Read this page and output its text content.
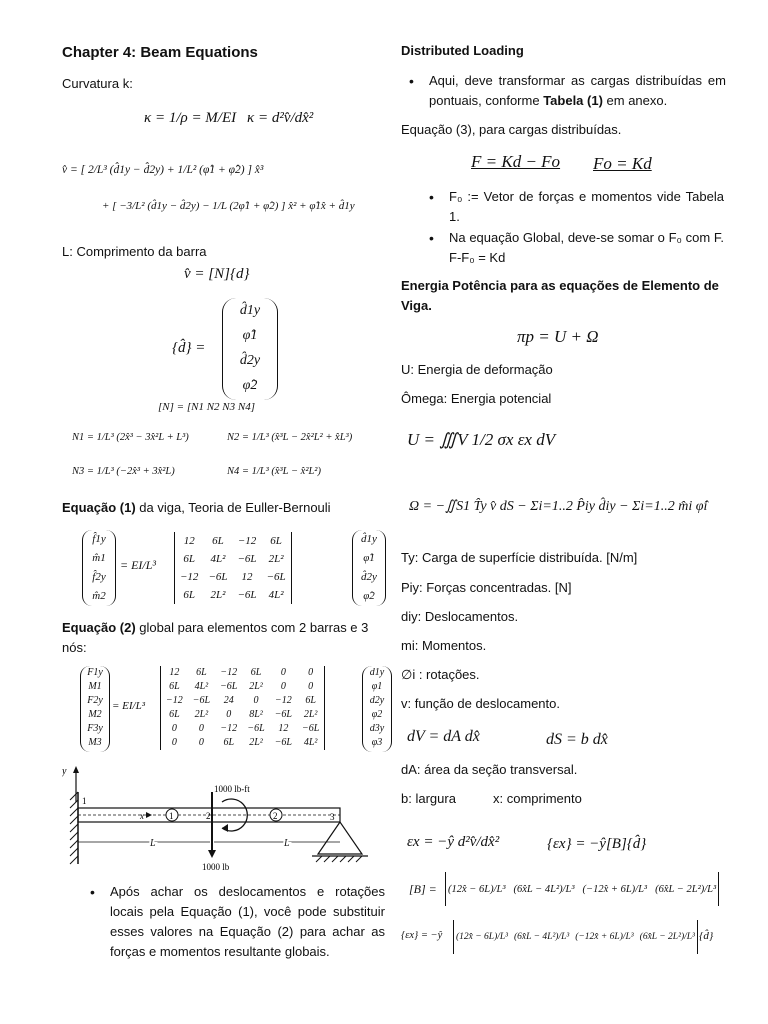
Chapter 4: Beam Equations
Curvatura k:
κ = 1/ρ = M/EI κ = d²v̂/dx̂²
v̂ = [ 2/L³ (d̂1y − d̂2y) + 1/L² (φ̂1 + φ̂2) ] x̂³
+ [ −3/L² (d̂1y − d̂2y) − 1/L (2φ̂1 + φ̂2) ] x̂² + φ̂1x̂ + d̂1y
L: Comprimento da barra
v̂ = [N]{d}
{d̂} =
d̂1y
φ̂1
d̂2y
φ̂2
[N] = [N1 N2 N3 N4]
N1 = 1/L³ (2x̂³ − 3x̂²L + L³)	N2 = 1/L³ (x̂³L − 2x̂²L² + x̂L³)
N3 = 1/L³ (−2x̂³ + 3x̂²L)	N4 = 1/L³ (x̂³L − x̂²L²)
Equação (1) da viga, Teoria de Euller-Bernouli
f̂1y
m̂1
f̂2y
m̂2
= EI/L³
12	6L	−12	6L
6L	4L²	−6L	2L²
−12	−6L	12	−6L
6L	2L²	−6L	4L²
d̂1y
φ̂1
d̂2y
φ̂2
Equação (2) global para elementos com 2 barras e 3 nós:
F1y
M1
F2y
M2
F3y
M3
= EI/L³
12	6L	−12	6L	0	0
6L	4L²	−6L	2L²	0	0
−12	−6L	24	0	−12	6L
6L	2L²	0	8L²	−6L	2L²
0	0	−12	−6L	12	−6L
0	0	6L	2L²	−6L	4L²
d1y
φ1
d2y
φ2
d3y
φ3
y
1
x	1	2
2
1000 lb-ft
1000 lb
3
L	L
• Após achar os deslocamentos e rotações locais pela Equação (1), você pode substituir esses valores na Equação (2) para achar as forças e momentos resultante globais.
Distributed Loading
• Aqui, deve transformar as cargas distribuídas em pontuais, conforme Tabela (1) em anexo.
Equação (3), para cargas distribuídas.
F = Kd − Fo Fo = Kd
• F₀ := Vetor de forças e momentos vide Tabela 1.
• Na equação Global, deve-se somar o F₀ com F. F-F₀ = Kd
Energia Potência para as equações de Elemento de Viga.
πp = U + Ω
U: Energia de deformação
Ômega: Energia potencial
U = ∭V 1/2 σx εx dV
Ω = −∬S1 T̂y v̂ dS − Σi=1..2 P̂iy d̂iy − Σi=1..2 m̂i φ̂i
Ty: Carga de superfície distribuída. [N/m]
Piy: Forças concentradas. [N]
diy: Deslocamentos.
mi: Momentos.
∅i : rotações.
v: função de deslocamento.
dV = dA dx̂	dS = b dx̂
dA: área da seção transversal.
b: largura	x: comprimento
εx = −ŷ d²v̂/dx̂²	{εx} = −ŷ[B]{d̂}
[B] = (12x̂ − 6L)/L³ (6x̂L − 4L²)/L³ (−12x̂ + 6L)/L³ (6x̂L − 2L²)/L³
{εx} = −ŷ (12x̂ − 6L)/L³ (6x̂L − 4L²)/L³ (−12x̂ + 6L)/L³ (6x̂L − 2L²)/L³ {d̂}
